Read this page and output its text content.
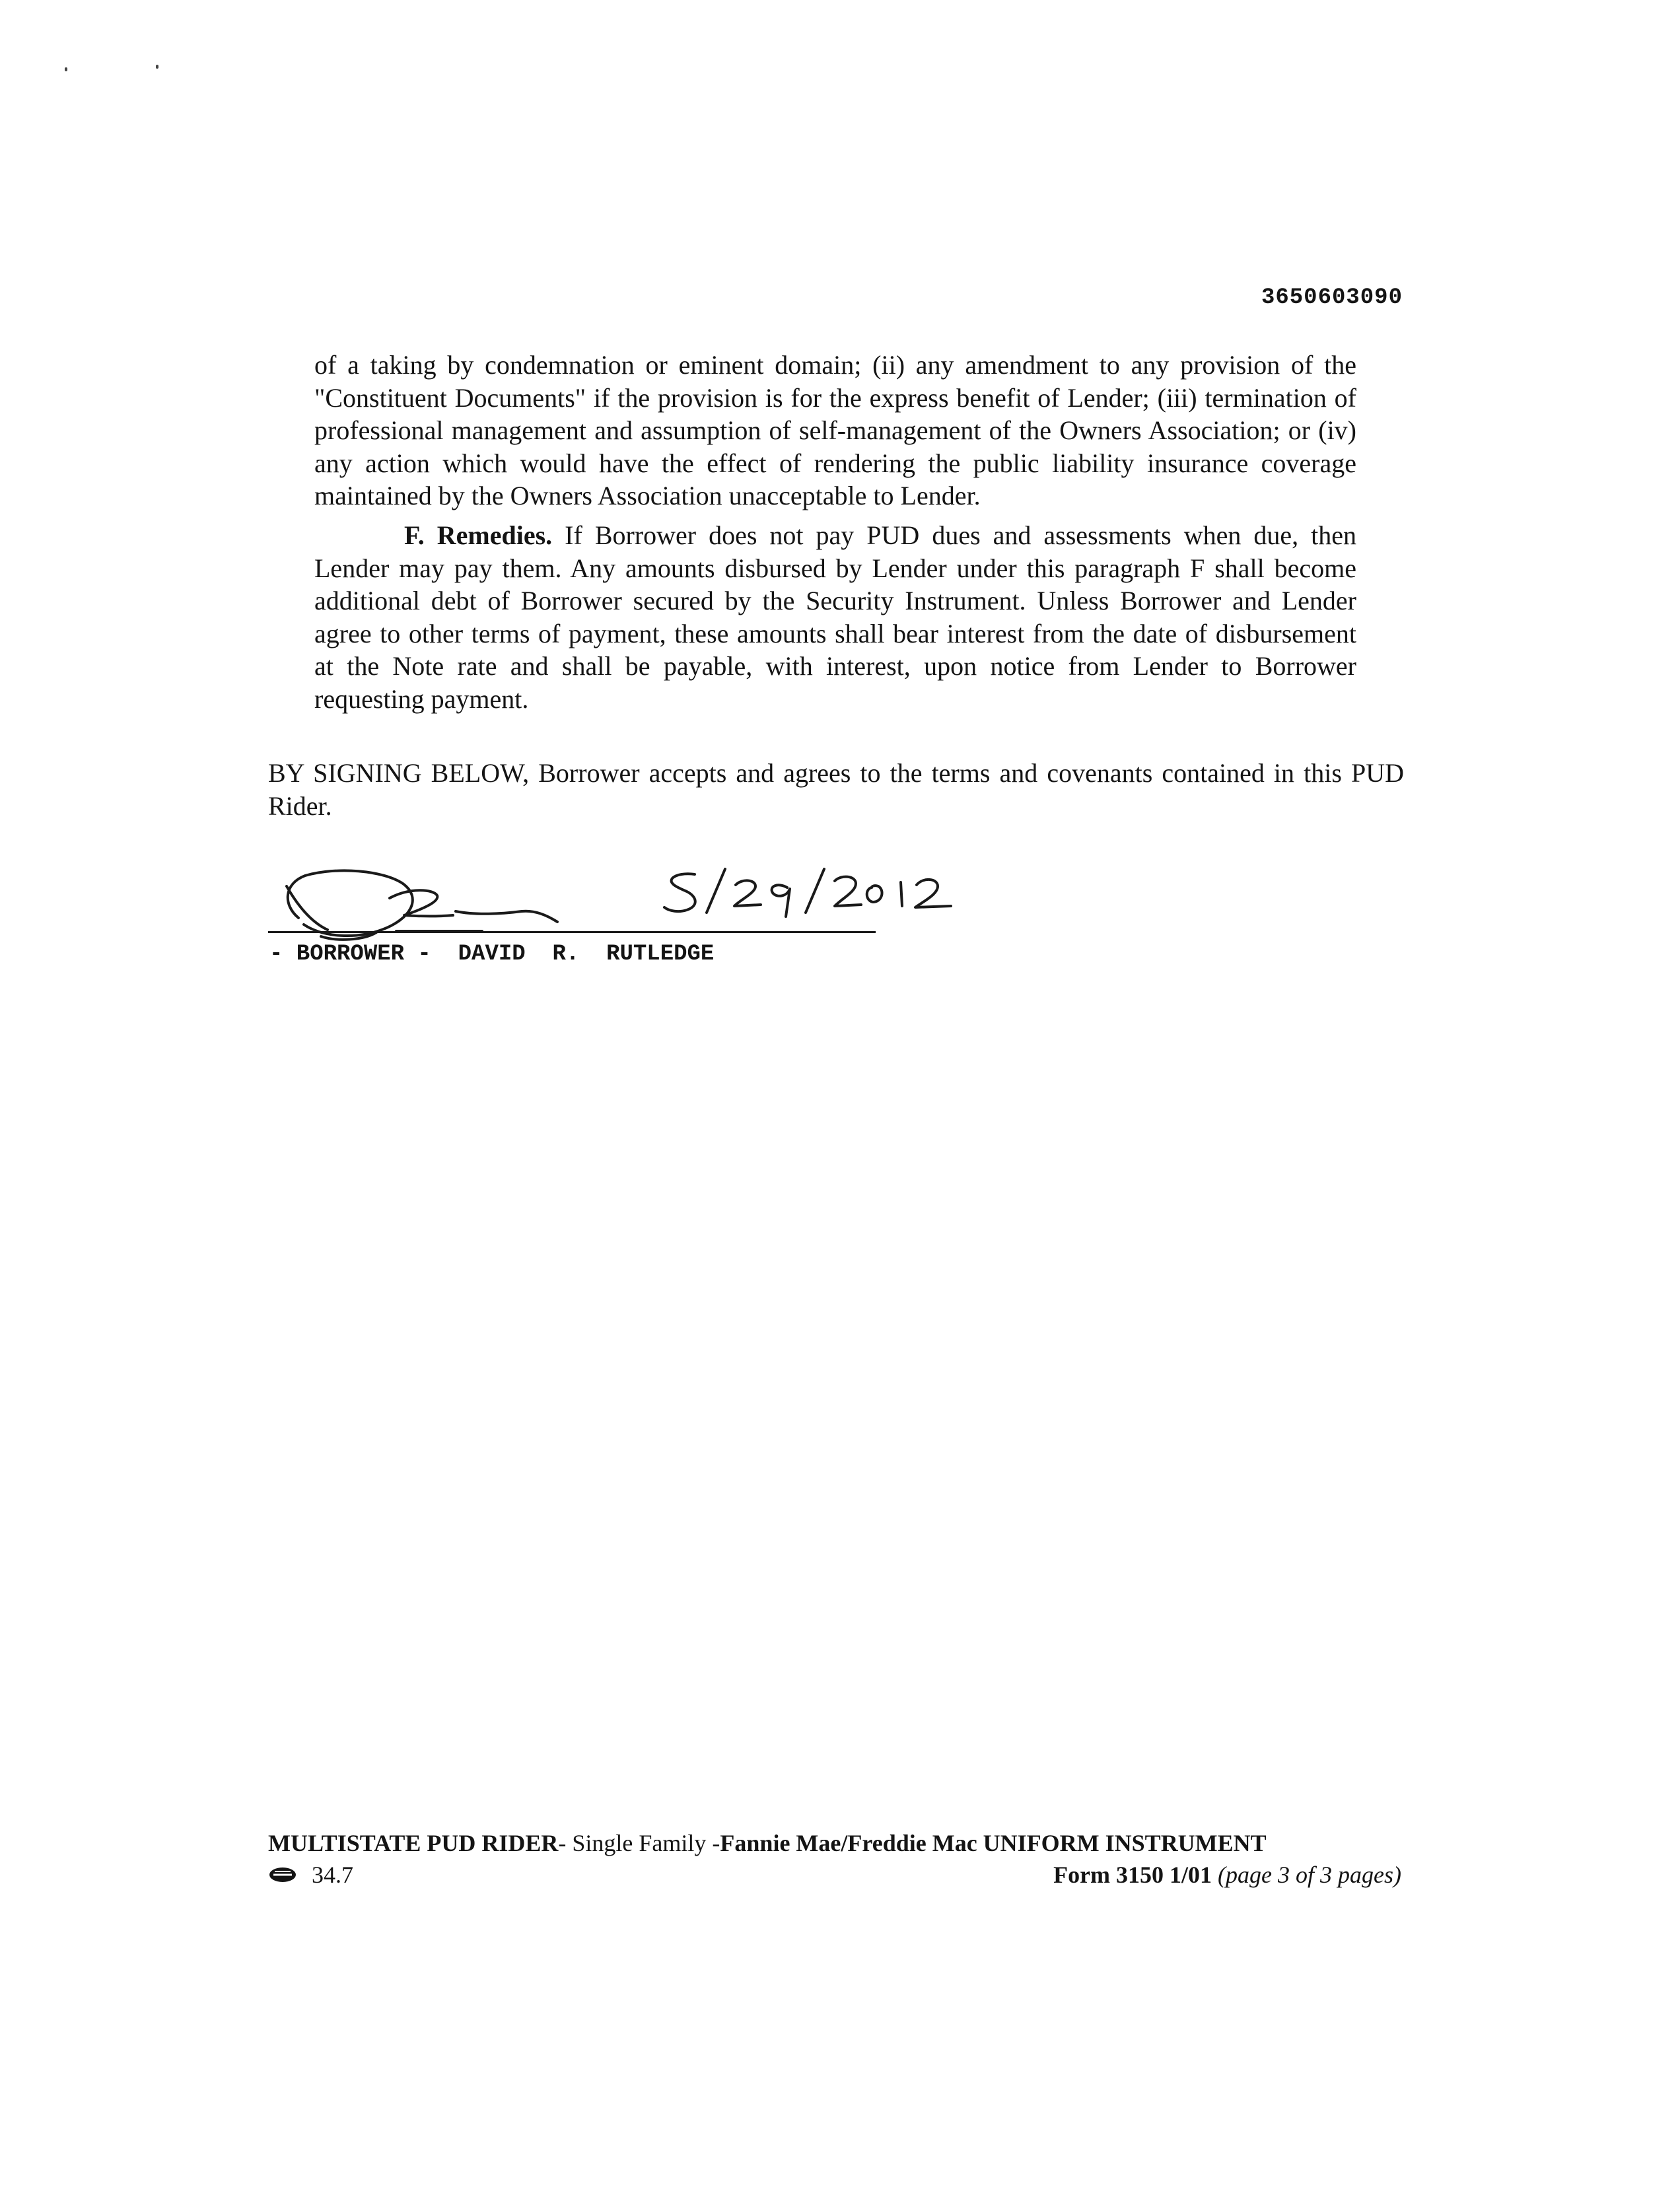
3650603090

of a taking by condemnation or eminent domain; (ii) any amendment to any provision of the "Constituent Documents" if the provision is for the express benefit of Lender; (iii) termination of professional management and assumption of self-management of the Owners Association; or (iv) any action which would have the effect of rendering the public liability insurance coverage maintained by the Owners Association unacceptable to Lender.

F. Remedies. If Borrower does not pay PUD dues and assessments when due, then Lender may pay them. Any amounts disbursed by Lender under this paragraph F shall become additional debt of Borrower secured by the Security Instrument. Unless Borrower and Lender agree to other terms of payment, these amounts shall bear interest from the date of disbursement at the Note rate and shall be payable, with interest, upon notice from Lender to Borrower requesting payment.

BY SIGNING BELOW, Borrower accepts and agrees to the terms and covenants contained in this PUD Rider.

- BORROWER -  DAVID  R.  RUTLEDGE
MULTISTATE PUD RIDER- Single Family -Fannie Mae/Freddie Mac UNIFORM INSTRUMENT
34.7	Form 3150 1/01 (page 3 of 3 pages)
